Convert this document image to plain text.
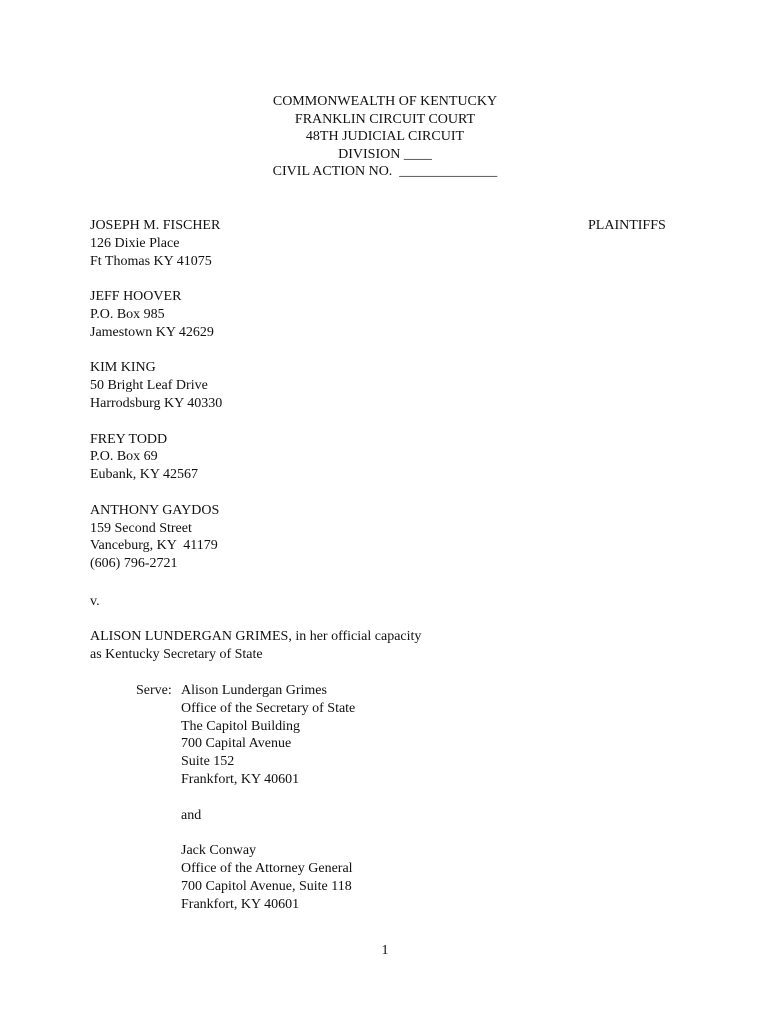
COMMONWEALTH OF KENTUCKY
FRANKLIN CIRCUIT COURT
48TH JUDICIAL CIRCUIT
DIVISION ____
CIVIL ACTION NO.  ______________
PLAINTIFFS
JOSEPH M. FISCHER
126 Dixie Place
Ft Thomas KY 41075
JEFF HOOVER
P.O. Box 985
Jamestown KY 42629
KIM KING
50 Bright Leaf Drive
Harrodsburg KY 40330
FREY TODD
P.O. Box 69
Eubank, KY 42567
ANTHONY GAYDOS
159 Second Street
Vanceburg, KY  41179
(606) 796-2721
v.
ALISON LUNDERGAN GRIMES, in her official capacity
as Kentucky Secretary of State
Serve: Alison Lundergan Grimes
Office of the Secretary of State
The Capitol Building
700 Capital Avenue
Suite 152
Frankfort, KY 40601
and
Jack Conway
Office of the Attorney General
700 Capitol Avenue, Suite 118
Frankfort, KY 40601
1
